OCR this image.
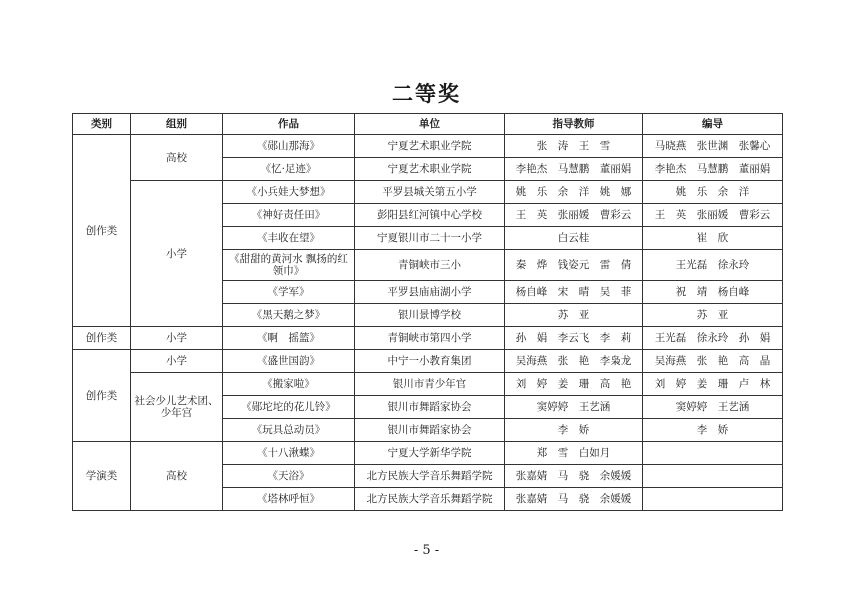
二等奖
类别	组别	作品	单位	指导教师	编导
创作类	高校	《郧山那海》	宁夏艺术职业学院	张　涛　王　雪	马晓燕　张世渊　张馨心
		《忆·足迹》	宁夏艺术职业学院	李艳杰　马慧鹏　董丽娟	李艳杰　马慧鹏　董丽娟
	小学	《小兵娃大梦想》	平罗县城关第五小学	姚　乐　余　洋　姚　娜	姚　乐　余　洋
		《神好责任田》	彭阳县红河镇中心学校	王　英　张丽媛　曹彩云	王　英　张丽媛　曹彩云
		《丰收在望》	宁夏银川市二十一小学	白云桂	崔　欣
		《甜甜的黄河水 飘扬的红领巾》	青铜峡市三小	秦　烨　钱姿元　雷　倩	王光磊　徐永玲
		《学军》	平罗县庙庙湖小学	杨自峰　宋　晴　吴　菲	祝　靖　杨自峰
		《黑天鹅之梦》	银川景博学校	苏　亚	苏　亚
创作类	小学	《啊　摇篮》	青铜峡市第四小学	孙　娟　李云飞　李　莉	王光磊　徐永玲　孙　娟
创作类	小学	《盛世国韵》	中宁一小教育集团	吴海燕　张　艳　李枭龙	吴海燕　张　艳　高　晶
	社会少儿艺术团、少年宫	《搬家啦》	银川市青少年官	刘　婷　姜　珊　高　艳	刘　婷　姜　珊　卢　林
		《郧坨坨的花儿铃》	银川市舞蹈家协会	窦婷婷　王艺涵	窦婷婷　王艺涵
		《玩具总动员》	银川市舞蹈家协会	李　娇	李　娇
学演类	高校	《十八湫蝶》	宁夏大学新华学院	郑　雪　白如月	
		《天浴》	北方民族大学音乐舞蹈学院	张嘉婧　马　骁　余媛媛	
		《塔林呼恒》	北方民族大学音乐舞蹈学院	张嘉婧　马　骁　余媛媛	
- 5 -
